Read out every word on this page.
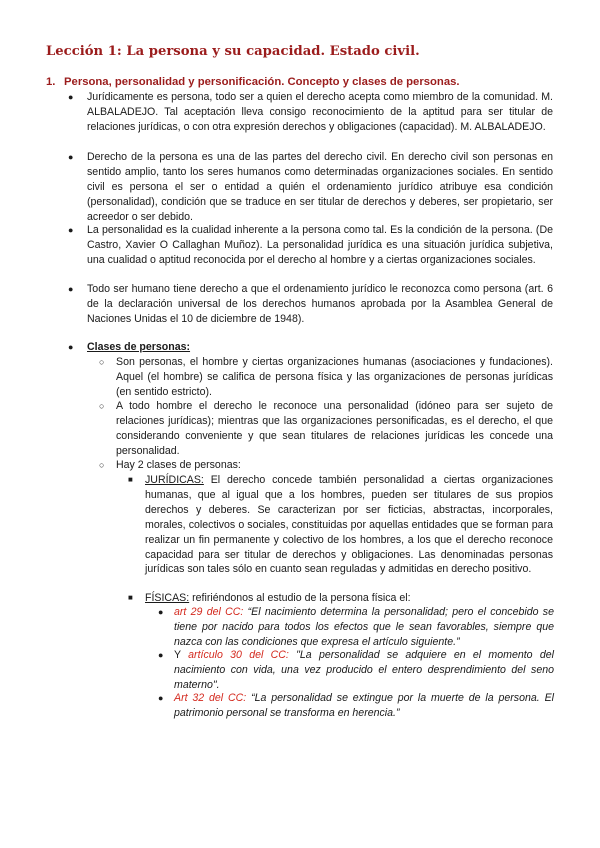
Lección 1: La persona y su capacidad. Estado civil.
1. Persona, personalidad y personificación. Concepto y clases de personas.
● Jurídicamente es persona, todo ser a quien el derecho acepta como miembro de la comunidad. M. ALBALADEJO. Tal aceptación lleva consigo reconocimiento de la aptitud para ser titular de relaciones jurídicas, o con otra expresión derechos y obligaciones (capacidad). M. ALBALADEJO.

● Derecho de la persona es una de las partes del derecho civil. En derecho civil son personas en sentido amplio, tanto los seres humanos como determinadas organizaciones sociales. En sentido civil es persona el ser o entidad a quién el ordenamiento jurídico atribuye esa condición (personalidad), condición que se traduce en ser titular de derechos y deberes, ser propietario, ser acreedor o ser debido.

● La personalidad es la cualidad inherente a la persona como tal. Es la condición de la persona. (De Castro, Xavier O Callaghan Muñoz). La personalidad jurídica es una situación jurídica subjetiva, una cualidad o aptitud reconocida por el derecho al hombre y a ciertas organizaciones sociales.

● Todo ser humano tiene derecho a que el ordenamiento jurídico le reconozca como persona (art. 6 de la declaración universal de los derechos humanos aprobada por la Asamblea General de Naciones Unidas el 10 de diciembre de 1948).

● Clases de personas:

○ Son personas, el hombre y ciertas organizaciones humanas (asociaciones y fundaciones). Aquel (el hombre) se califica de persona física y las organizaciones de personas jurídicas (en sentido estricto).

○ A todo hombre el derecho le reconoce una personalidad (idóneo para ser sujeto de relaciones jurídicas); mientras que las organizaciones personificadas, es el derecho, el que considerando conveniente y que sean titulares de relaciones jurídicas les concede una personalidad.

○ Hay 2 clases de personas:

■ JURÍDICAS: El derecho concede también personalidad a ciertas organizaciones humanas, que al igual que a los hombres, pueden ser titulares de sus propios derechos y deberes. Se caracterizan por ser ficticias, abstractas, incorporales, morales, colectivos o sociales, constituidas por aquellas entidades que se forman para realizar un fin permanente y colectivo de los hombres, a los que el derecho reconoce capacidad para ser titular de derechos y obligaciones. Las denominadas personas jurídicas son tales sólo en cuanto sean reguladas y admitidas en derecho positivo.

■ FÍSICAS: refiriéndonos al estudio de la persona física el:

● art 29 del CC: “El nacimiento determina la personalidad; pero el concebido se tiene por nacido para todos los efectos que le sean favorables, siempre que nazca con las condiciones que expresa el artículo siguiente.”

● Y artículo 30 del CC: "La personalidad se adquiere en el momento del nacimiento con vida, una vez producido el entero desprendimiento del seno materno".

● Art 32 del CC: “La personalidad se extingue por la muerte de la persona. El patrimonio personal se transforma en herencia.”
